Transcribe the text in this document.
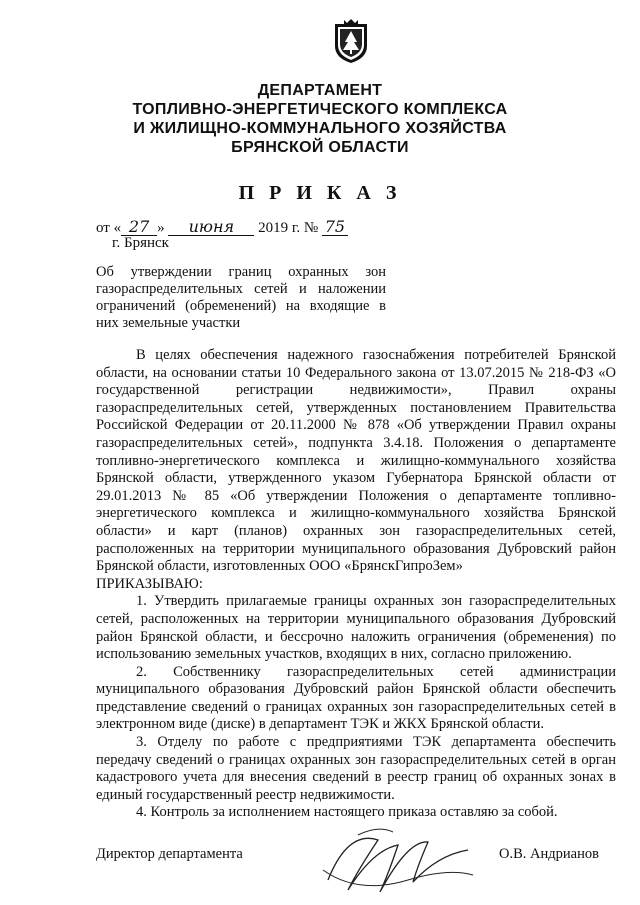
ДЕПАРТАМЕНТ
ТОПЛИВНО-ЭНЕРГЕТИЧЕСКОГО КОМПЛЕКСА
И ЖИЛИЩНО-КОММУНАЛЬНОГО ХОЗЯЙСТВА
БРЯНСКОЙ ОБЛАСТИ
П Р И К А З
от « 27 » июня 2019 г. № 75
г. Брянск
Об утверждении границ охранных зон газораспределительных сетей и наложении ограничений (обременений) на входящие в них земельные участки

В целях обеспечения надежного газоснабжения потребителей Брянской области, на основании статьи 10 Федерального закона от 13.07.2015 № 218-ФЗ «О государственной регистрации недвижимости», Правил охраны газораспределительных сетей, утвержденных постановлением Правительства Российской Федерации от 20.11.2000 № 878 «Об утверждении Правил охраны газораспределительных сетей», подпункта 3.4.18. Положения о департаменте топливно-энергетического комплекса и жилищно-коммунального хозяйства Брянской области, утвержденного указом Губернатора Брянской области от 29.01.2013 № 85 «Об утверждении Положения о департаменте топливно-энергетического комплекса и жилищно-коммунального хозяйства Брянской области» и карт (планов) охранных зон газораспределительных сетей, расположенных на территории муниципального образования Дубровский район Брянской области, изготовленных ООО «БрянскГипроЗем»

ПРИКАЗЫВАЮ:

1. Утвердить прилагаемые границы охранных зон газораспределительных сетей, расположенных на территории муниципального образования Дубровский район Брянской области, и бессрочно наложить ограничения (обременения) по использованию земельных участков, входящих в них, согласно приложению.

2. Собственнику газораспределительных сетей администрации муниципального образования Дубровский район Брянской области обеспечить представление сведений о границах охранных зон газораспределительных сетей в электронном виде (диске) в департамент ТЭК и ЖКХ Брянской области.

3. Отделу по работе с предприятиями ТЭК департамента обеспечить передачу сведений о границах охранных зон газораспределительных сетей в орган кадастрового учета для внесения сведений в реестр границ об охранных зонах в единый государственный реестр недвижимости.

4. Контроль за исполнением настоящего приказа оставляю за собой.

Директор департамента	О.В. Андрианов
